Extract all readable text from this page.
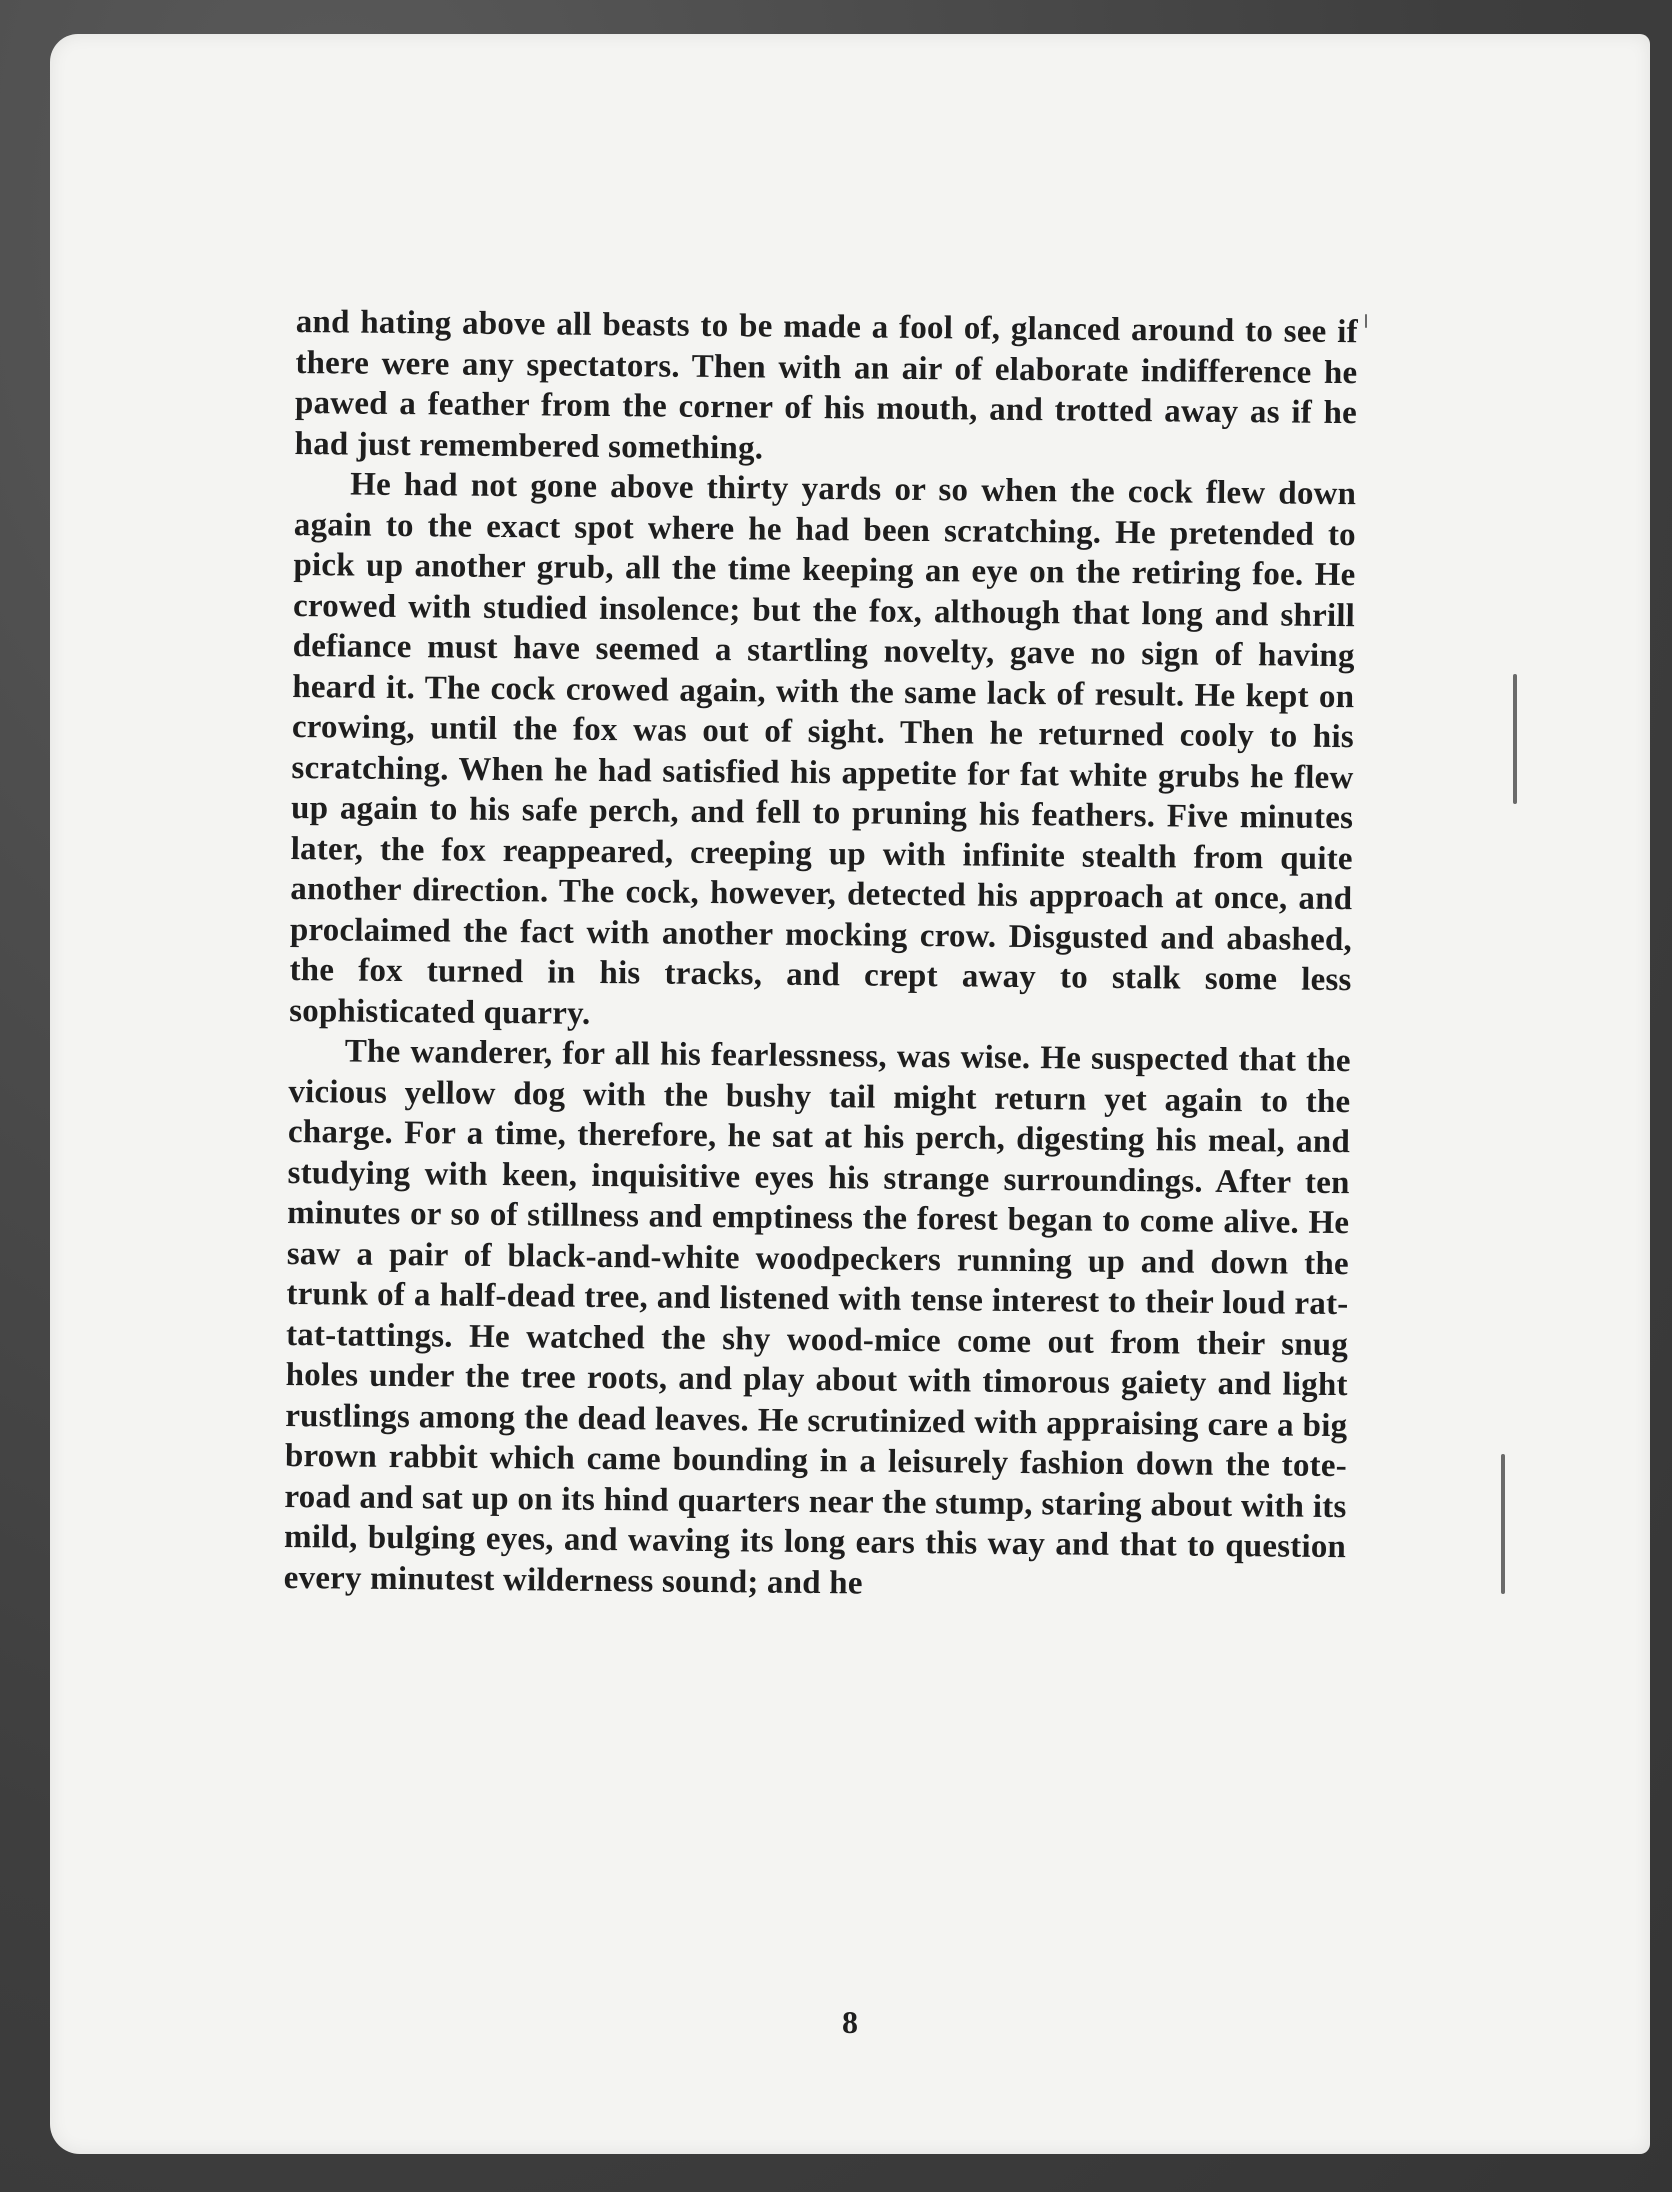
and hating above all beasts to be made a fool of, glanced around to see if there were any spectators. Then with an air of elaborate indifference he pawed a feather from the corner of his mouth, and trotted away as if he had just remembered something.

He had not gone above thirty yards or so when the cock flew down again to the exact spot where he had been scratching. He pretended to pick up another grub, all the time keeping an eye on the retiring foe. He crowed with studied insolence; but the fox, although that long and shrill defiance must have seemed a startling novelty, gave no sign of having heard it. The cock crowed again, with the same lack of result. He kept on crowing, until the fox was out of sight. Then he returned cooly to his scratching. When he had satisfied his appetite for fat white grubs he flew up again to his safe perch, and fell to pruning his feathers. Five minutes later, the fox reappeared, creeping up with infinite stealth from quite another direction. The cock, however, detected his approach at once, and proclaimed the fact with another mocking crow. Disgusted and abashed, the fox turned in his tracks, and crept away to stalk some less sophisticated quarry.

The wanderer, for all his fearlessness, was wise. He suspected that the vicious yellow dog with the bushy tail might return yet again to the charge. For a time, therefore, he sat at his perch, digesting his meal, and studying with keen, inquisitive eyes his strange surroundings. After ten minutes or so of stillness and emptiness the forest began to come alive. He saw a pair of black-and-white woodpeckers running up and down the trunk of a half-dead tree, and listened with tense interest to their loud rat-tat-tattings. He watched the shy wood-mice come out from their snug holes under the tree roots, and play about with timorous gaiety and light rustlings among the dead leaves. He scrutinized with appraising care a big brown rabbit which came bounding in a leisurely fashion down the tote-road and sat up on its hind quarters near the stump, staring about with its mild, bulging eyes, and waving its long ears this way and that to question every minutest wilderness sound; and he

8
